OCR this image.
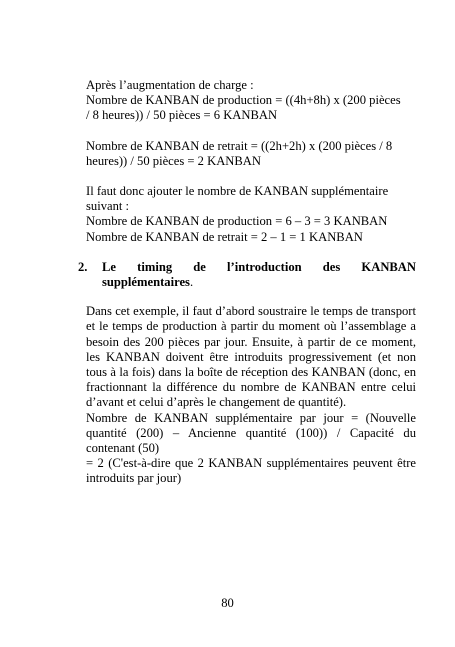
Après l’augmentation de charge :
Nombre de KANBAN de production = ((4h+8h) x (200 pièces
/ 8 heures)) / 50 pièces = 6 KANBAN
Nombre de KANBAN de retrait = ((2h+2h) x (200 pièces / 8
heures)) / 50 pièces = 2 KANBAN
Il faut donc ajouter le nombre de KANBAN supplémentaire
suivant :
Nombre de KANBAN de production = 6 – 3 = 3 KANBAN
Nombre de KANBAN de retrait = 2 – 1 = 1 KANBAN
2. Le timing de l’introduction des KANBAN
supplémentaires.

Dans cet exemple, il faut d’abord soustraire le temps de transport et le temps de production à partir du moment où l’assemblage a besoin des 200 pièces par jour. Ensuite, à partir de ce moment, les KANBAN doivent être introduits progressivement (et non tous à la fois) dans la boîte de réception des KANBAN (donc, en fractionnant la différence du nombre de KANBAN entre celui d’avant et celui d’après le changement de quantité).

Nombre de KANBAN supplémentaire par jour = (Nouvelle quantité (200) – Ancienne quantité (100)) / Capacité du contenant (50)

= 2 (C'est-à-dire que 2 KANBAN supplémentaires peuvent être introduits par jour)

80
